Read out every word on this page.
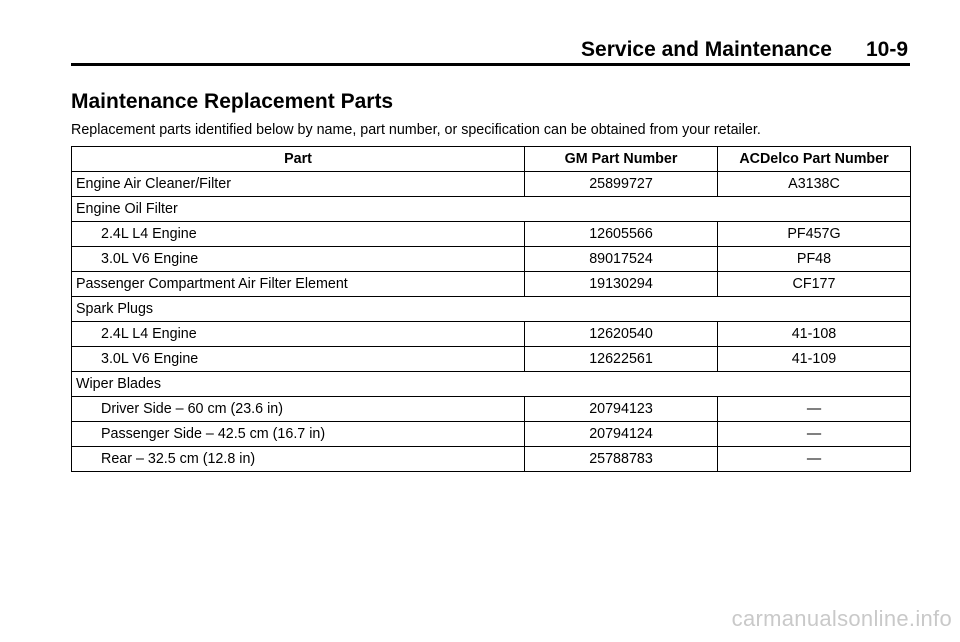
Service and Maintenance 10-9
Maintenance Replacement Parts
Replacement parts identified below by name, part number, or specification can be obtained from your retailer.
Part	GM Part Number	ACDelco Part Number
Engine Air Cleaner/Filter	25899727	A3138C
Engine Oil Filter		
2.4L L4 Engine	12605566	PF457G
3.0L V6 Engine	89017524	PF48
Passenger Compartment Air Filter Element	19130294	CF177
Spark Plugs		
2.4L L4 Engine	12620540	41-108
3.0L V6 Engine	12622561	41-109
Wiper Blades		
Driver Side – 60 cm (23.6 in)	20794123	—
Passenger Side – 42.5 cm (16.7 in)	20794124	—
Rear – 32.5 cm (12.8 in)	25788783	—
carmanualsonline.info
